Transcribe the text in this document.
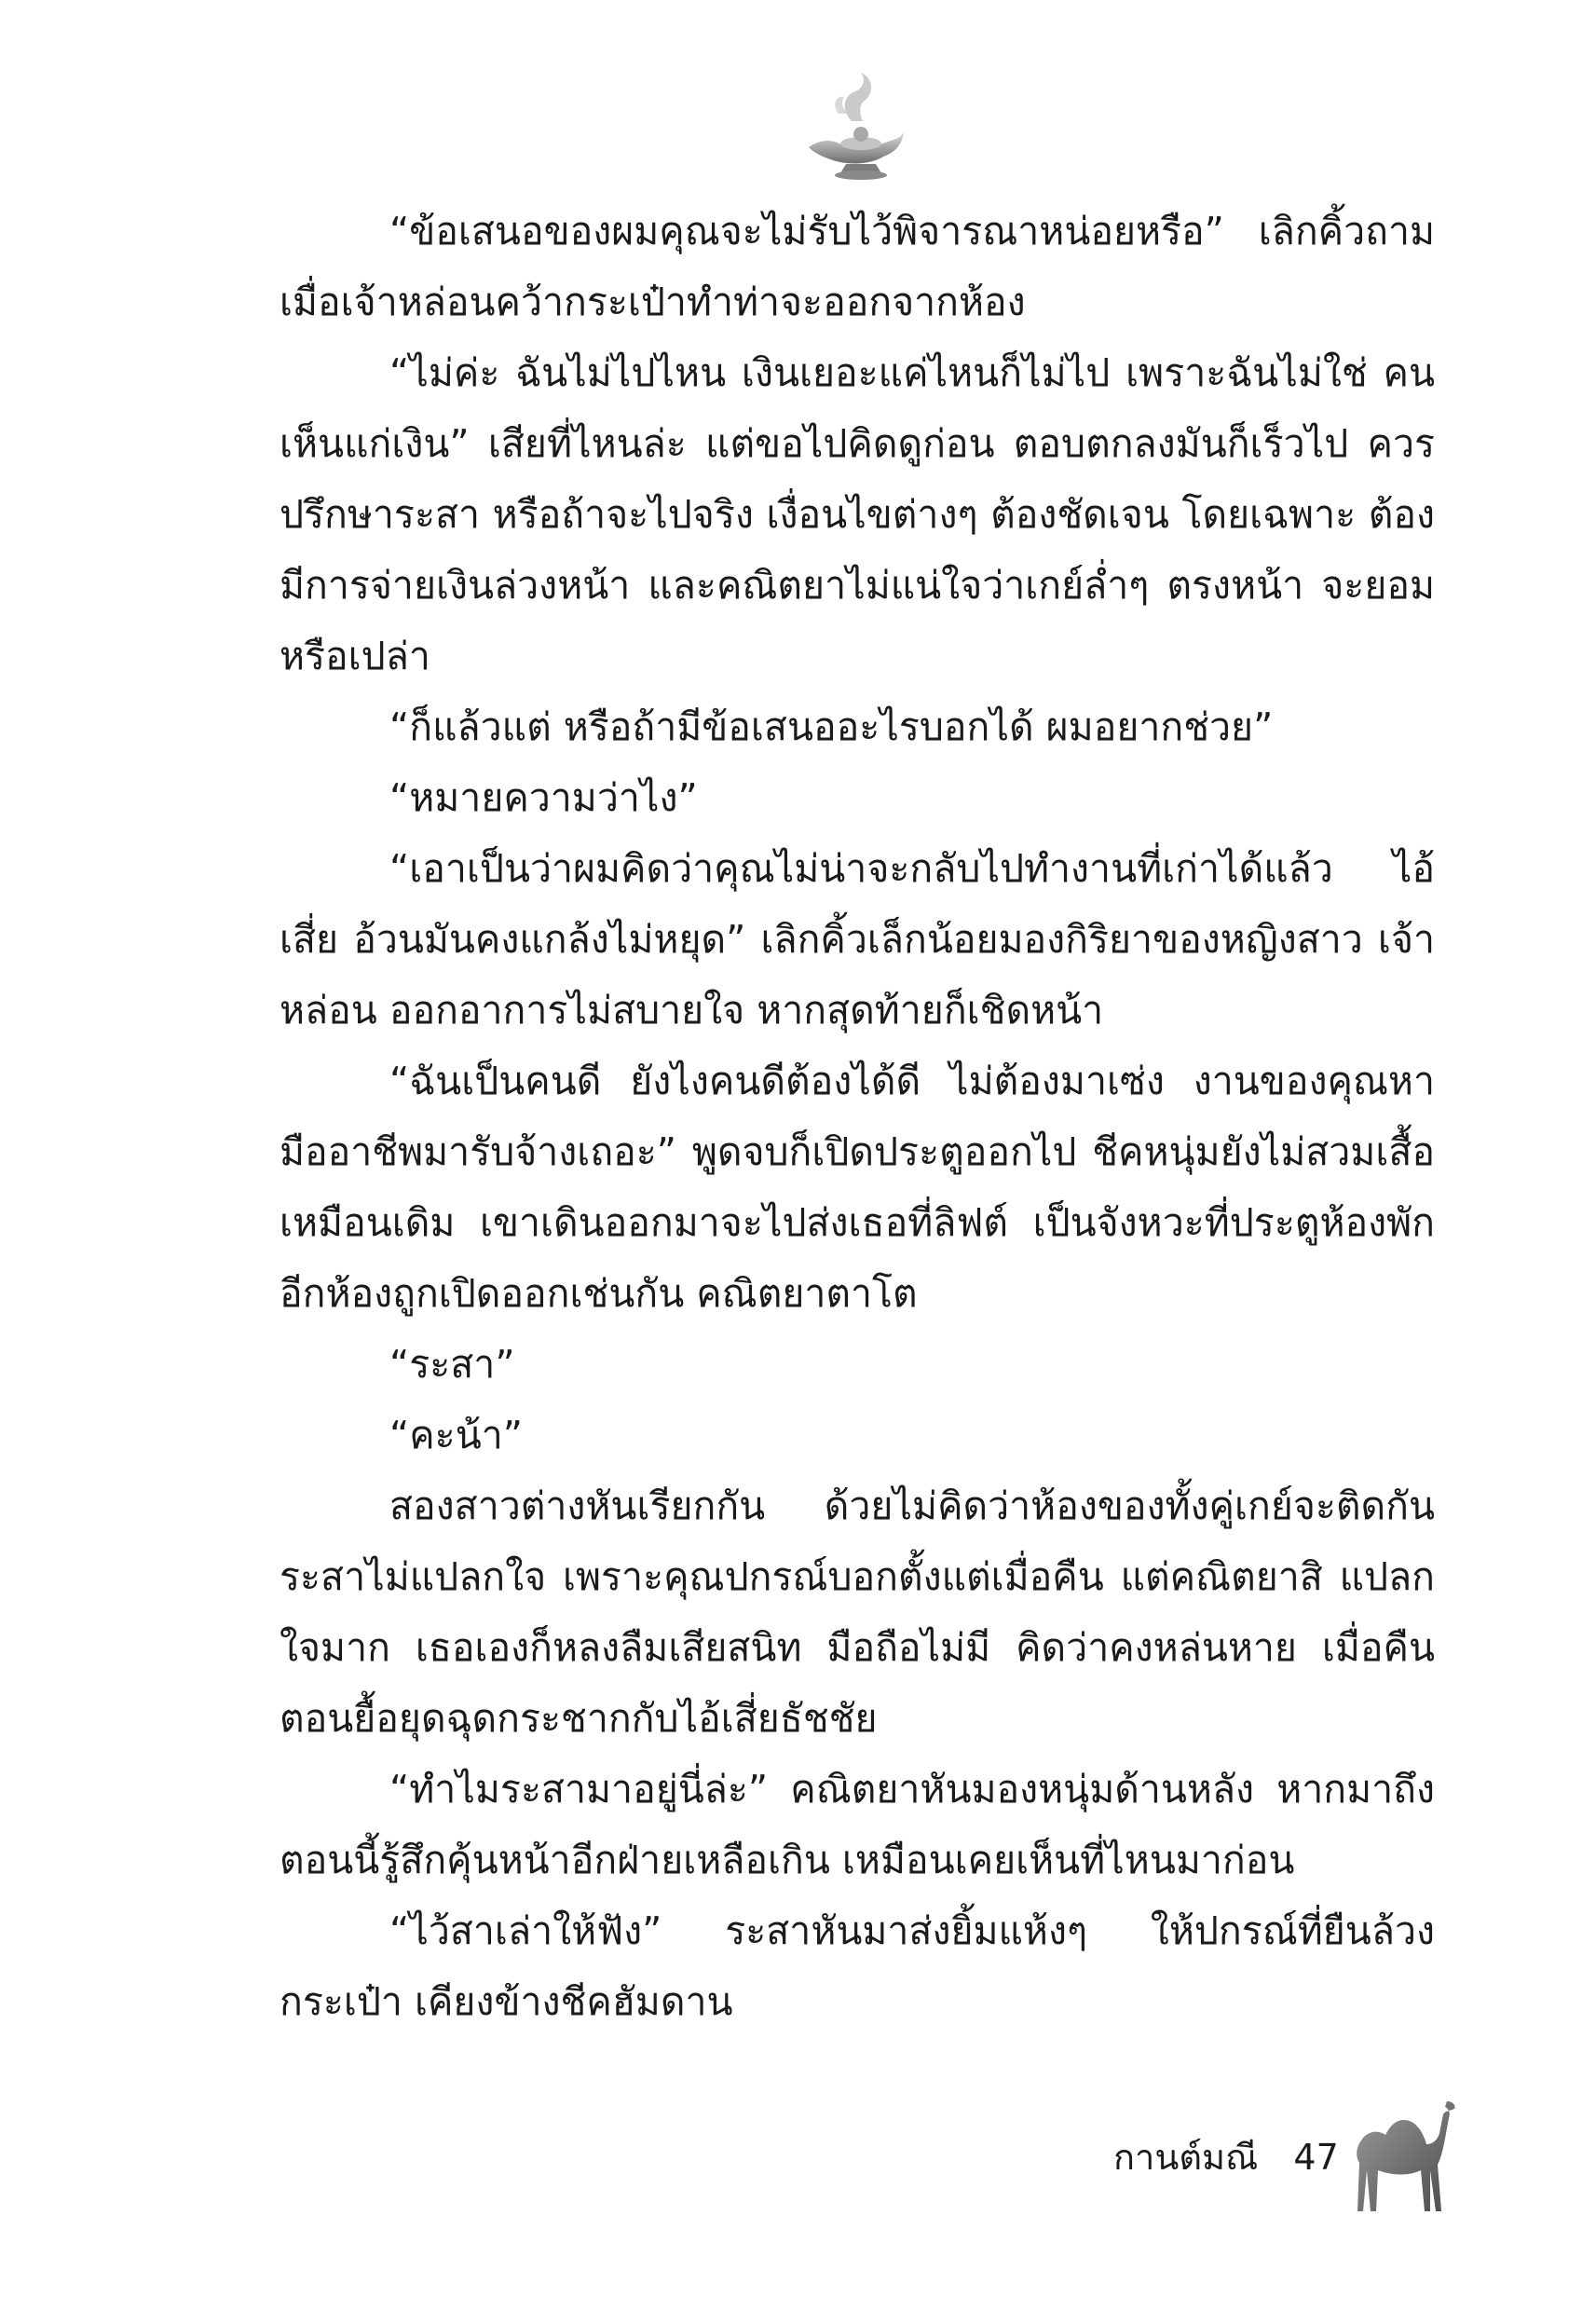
“ข้อเสนอของผมคุณจะไม่รับไว้พิจารณาหน่อยหรือ” เลิกคิ้วถาม เมื่อเจ้าหล่อนคว้ากระเป๋าทำท่าจะออกจากห้อง

“ไม่ค่ะ ฉันไม่ไปไหน เงินเยอะแค่ไหนก็ไม่ไป เพราะฉันไม่ใช่ คนเห็นแก่เงิน” เสียที่ไหนล่ะ แต่ขอไปคิดดูก่อน ตอบตกลงมันก็เร็วไป ควรปรึกษาระสา หรือถ้าจะไปจริง เงื่อนไขต่างๆ ต้องชัดเจน โดยเฉพาะ ต้องมีการจ่ายเงินล่วงหน้า และคณิตยาไม่แน่ใจว่าเกย์ล่ำๆ ตรงหน้า จะยอมหรือเปล่า

“ก็แล้วแต่ หรือถ้ามีข้อเสนออะไรบอกได้ ผมอยากช่วย”

“หมายความว่าไง”

“เอาเป็นว่าผมคิดว่าคุณไม่น่าจะกลับไปทำงานที่เก่าได้แล้ว ไอ้เสี่ย อ้วนมันคงแกล้งไม่หยุด” เลิกคิ้วเล็กน้อยมองกิริยาของหญิงสาว เจ้าหล่อน ออกอาการไม่สบายใจ หากสุดท้ายก็เชิดหน้า

“ฉันเป็นคนดี ยังไงคนดีต้องได้ดี ไม่ต้องมาเซ่ง งานของคุณหา มืออาชีพมารับจ้างเถอะ” พูดจบก็เปิดประตูออกไป ชีคหนุ่มยังไม่สวมเสื้อ เหมือนเดิม เขาเดินออกมาจะไปส่งเธอที่ลิฟต์ เป็นจังหวะที่ประตูห้องพัก อีกห้องถูกเปิดออกเช่นกัน คณิตยาตาโต

“ระสา”

“คะน้า”

สองสาวต่างหันเรียกกัน ด้วยไม่คิดว่าห้องของทั้งคู่เกย์จะติดกัน ระสาไม่แปลกใจ เพราะคุณปกรณ์บอกตั้งแต่เมื่อคืน แต่คณิตยาสิ แปลกใจมาก เธอเองก็หลงลืมเสียสนิท มือถือไม่มี คิดว่าคงหล่นหาย เมื่อคืนตอนยื้อยุดฉุดกระชากกับไอ้เสี่ยธัชชัย

“ทำไมระสามาอยู่นี่ล่ะ” คณิตยาหันมองหนุ่มด้านหลัง หากมาถึง ตอนนี้รู้สึกคุ้นหน้าอีกฝ่ายเหลือเกิน เหมือนเคยเห็นที่ไหนมาก่อน

“ไว้สาเล่าให้ฟัง” ระสาหันมาส่งยิ้มแห้งๆ ให้ปกรณ์ที่ยืนล้วงกระเป๋า เคียงข้างชีคฮัมดาน

กานต์มณี 47
